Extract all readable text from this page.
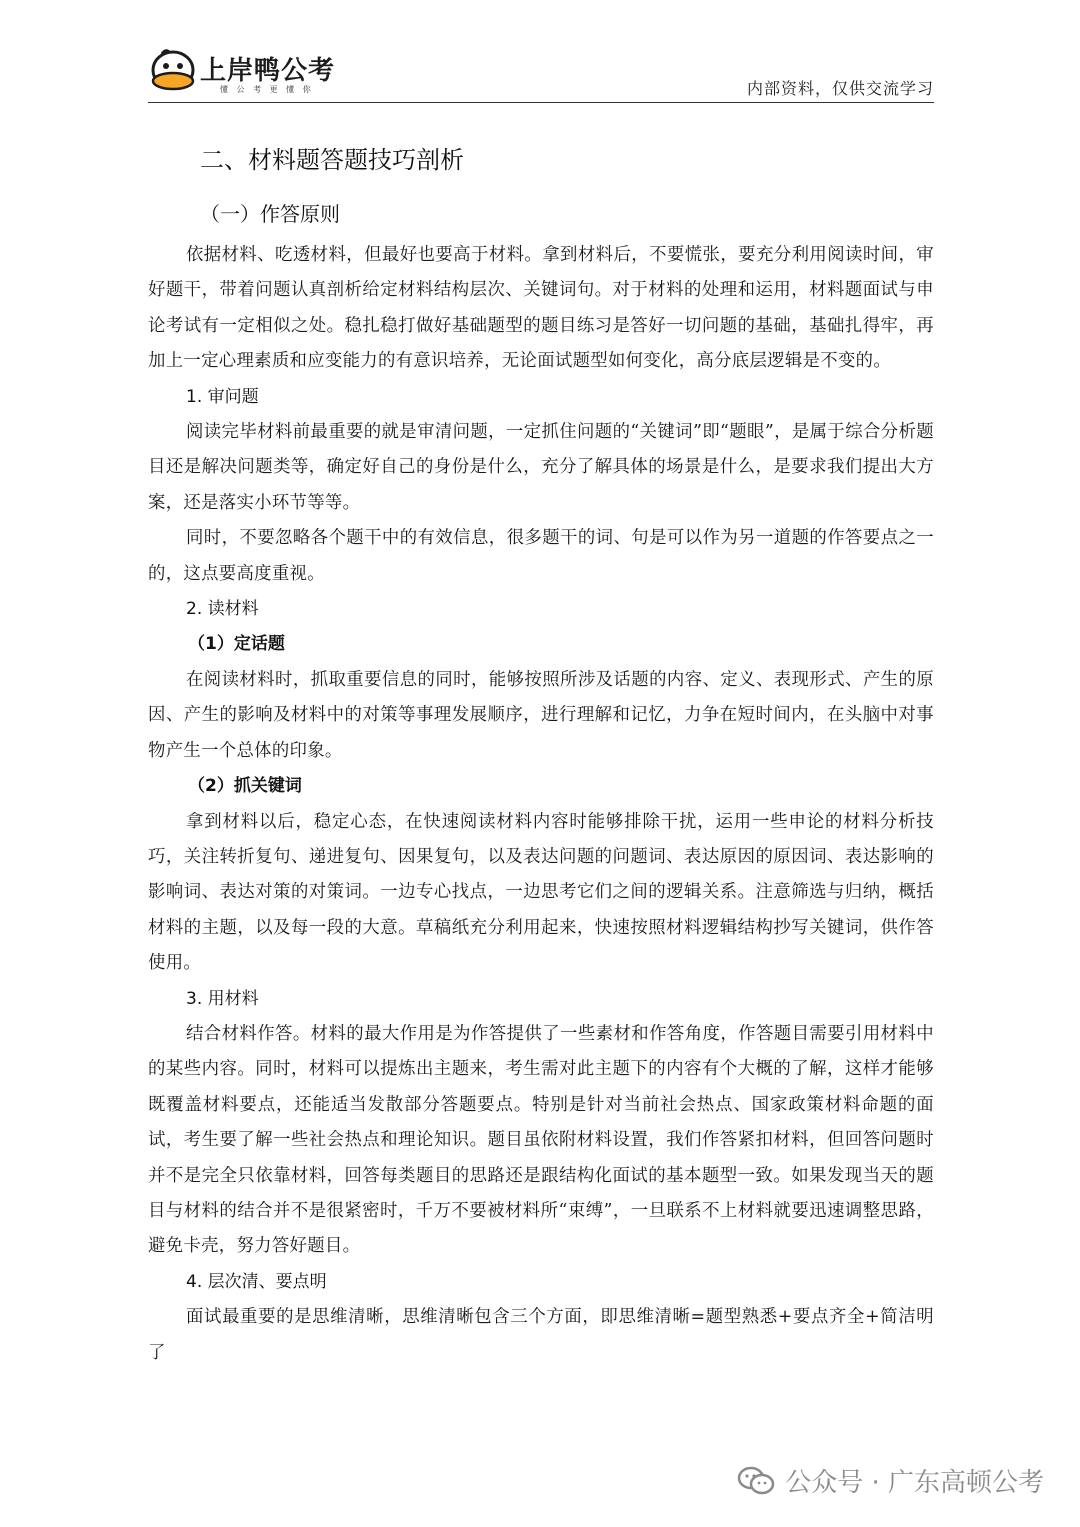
上岸鸭公考
懂 公 考 更 懂 你	内部资料，仅供交流学习
二、材料题答题技巧剖析
（一）作答原则

依据材料、吃透材料，但最好也要高于材料。拿到材料后，不要慌张，要充分利用阅读时间，审好题干，带着问题认真剖析给定材料结构层次、关键词句。对于材料的处理和运用，材料题面试与申论考试有一定相似之处。稳扎稳打做好基础题型的题目练习是答好一切问题的基础，基础扎得牢，再加上一定心理素质和应变能力的有意识培养，无论面试题型如何变化，高分底层逻辑是不变的。

1. 审问题

阅读完毕材料前最重要的就是审清问题，一定抓住问题的“关键词”即“题眼”，是属于综合分析题目还是解决问题类等，确定好自己的身份是什么，充分了解具体的场景是什么，是要求我们提出大方案，还是落实小环节等等。

同时，不要忽略各个题干中的有效信息，很多题干的词、句是可以作为另一道题的作答要点之一的，这点要高度重视。

2. 读材料
（1）定话题

在阅读材料时，抓取重要信息的同时，能够按照所涉及话题的内容、定义、表现形式、产生的原因、产生的影响及材料中的对策等事理发展顺序，进行理解和记忆，力争在短时间内，在头脑中对事物产生一个总体的印象。

（2）抓关键词

拿到材料以后，稳定心态，在快速阅读材料内容时能够排除干扰，运用一些申论的材料分析技巧，关注转折复句、递进复句、因果复句，以及表达问题的问题词、表达原因的原因词、表达影响的影响词、表达对策的对策词。一边专心找点，一边思考它们之间的逻辑关系。注意筛选与归纳，概括材料的主题，以及每一段的大意。草稿纸充分利用起来，快速按照材料逻辑结构抄写关键词，供作答使用。

3. 用材料

结合材料作答。材料的最大作用是为作答提供了一些素材和作答角度，作答题目需要引用材料中的某些内容。同时，材料可以提炼出主题来，考生需对此主题下的内容有个大概的了解，这样才能够既覆盖材料要点，还能适当发散部分答题要点。特别是针对当前社会热点、国家政策材料命题的面试，考生要了解一些社会热点和理论知识。题目虽依附材料设置，我们作答紧扣材料，但回答问题时并不是完全只依靠材料，回答每类题目的思路还是跟结构化面试的基本题型一致。如果发现当天的题目与材料的结合并不是很紧密时，千万不要被材料所“束缚”，一旦联系不上材料就要迅速调整思路，避免卡壳，努力答好题目。

4. 层次清、要点明

面试最重要的是思维清晰，思维清晰包含三个方面，即思维清晰=题型熟悉+要点齐全+简洁明了

公众号 · 广东高顿公考
